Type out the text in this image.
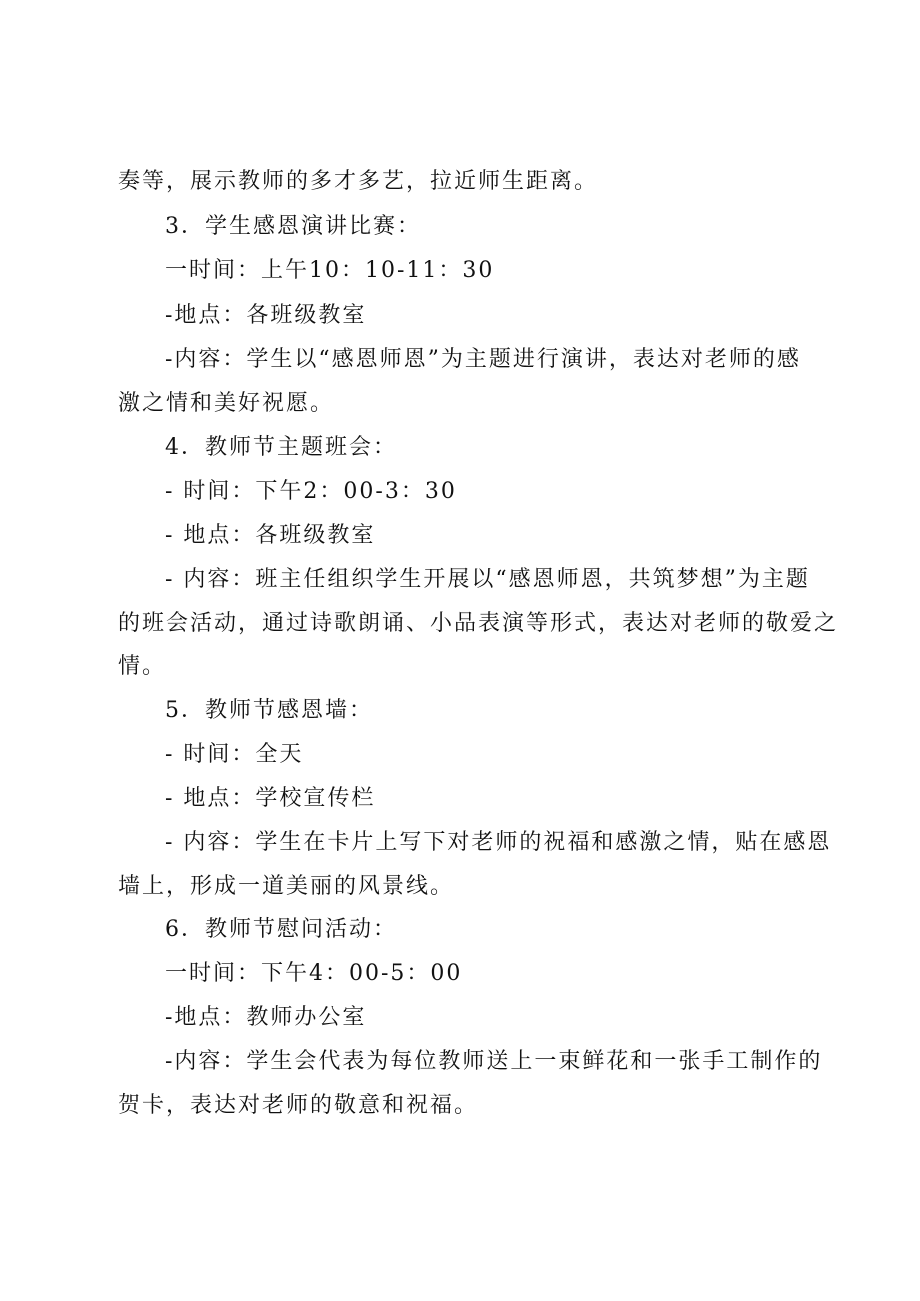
奏等，展示教师的多才多艺，拉近师生距离。
3．学生感恩演讲比赛：
一时间：上午10：10-11：30
-地点：各班级教室
-内容：学生以“感恩师恩”为主题进行演讲，表达对老师的感
激之情和美好祝愿。
4．教师节主题班会：
- 时间：下午2：00-3：30
- 地点：各班级教室
- 内容：班主任组织学生开展以“感恩师恩，共筑梦想”为主题
的班会活动，通过诗歌朗诵、小品表演等形式，表达对老师的敬爱之
情。
5．教师节感恩墙：
- 时间：全天
- 地点：学校宣传栏
- 内容：学生在卡片上写下对老师的祝福和感激之情，贴在感恩
墙上，形成一道美丽的风景线。
6．教师节慰问活动：
一时间：下午4：00-5：00
-地点：教师办公室
-内容：学生会代表为每位教师送上一束鲜花和一张手工制作的
贺卡，表达对老师的敬意和祝福。
